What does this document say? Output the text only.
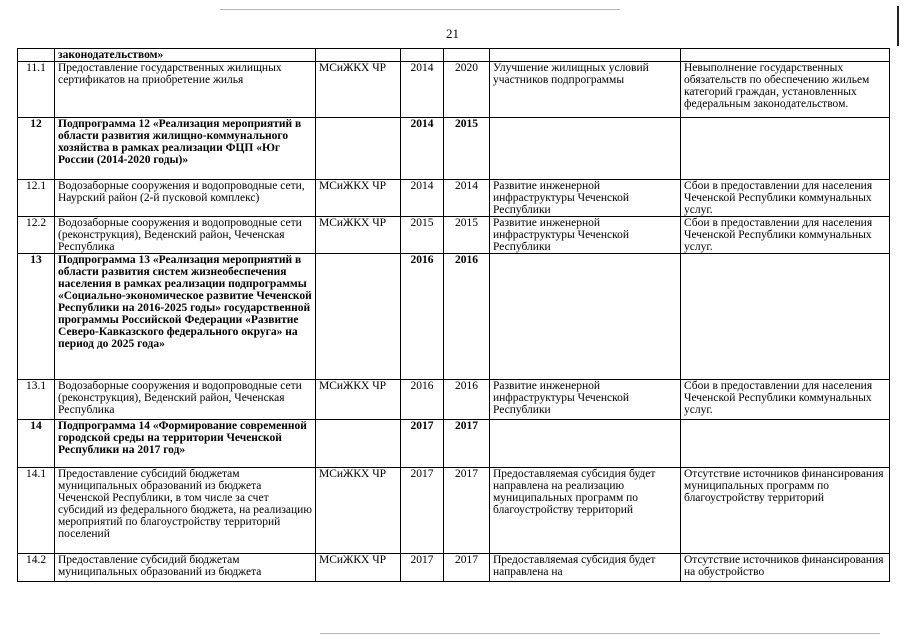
21
	законодательством»					
11.1	Предоставление государственных жилищных сертификатов на приобретение жилья	МСиЖКХ ЧР	2014	2020	Улучшение жилищных условий участников подпрограммы	Невыполнение государственных обязательств по обеспечению жильем категорий граждан, установленных федеральным законодательством.
12	Подпрограмма 12 «Реализация мероприятий в области развития жилищно-коммунального хозяйства в рамках реализации ФЦП «Юг России (2014-2020 годы)»		2014	2015		
12.1	Водозаборные сооружения и водопроводные сети, Наурский район (2-й пусковой комплекс)	МСиЖКХ ЧР	2014	2014	Развитие инженерной инфраструктуры Чеченской Республики	Сбои в предоставлении для населения Чеченской Республики коммунальных услуг.
12.2	Водозаборные сооружения и водопроводные сети (реконструкция), Веденский район, Чеченская Республика	МСиЖКХ ЧР	2015	2015	Развитие инженерной инфраструктуры Чеченской Республики	Сбои в предоставлении для населения Чеченской Республики коммунальных услуг.
13	Подпрограмма 13 «Реализация мероприятий в области развития систем жизнеобеспечения населения в рамках реализации подпрограммы «Социально-экономическое развитие Чеченской Республики на 2016-2025 годы» государственной программы Российской Федерации «Развитие Северо-Кавказского федерального округа» на период до 2025 года»		2016	2016		
13.1	Водозаборные сооружения и водопроводные сети (реконструкция), Веденский район, Чеченская Республика	МСиЖКХ ЧР	2016	2016	Развитие инженерной инфраструктуры Чеченской Республики	Сбои в предоставлении для населения Чеченской Республики коммунальных услуг.
14	Подпрограмма 14 «Формирование современной городской среды на территории Чеченской Республики на 2017 год»		2017	2017		
14.1	Предоставление субсидий бюджетам муниципальных образований из бюджета Чеченской Республики, в том числе за счет субсидий из федерального бюджета, на реализацию мероприятий по благоустройству территорий поселений	МСиЖКХ ЧР	2017	2017	Предоставляемая субсидия будет направлена на реализацию муниципальных программ по благоустройству территорий	Отсутствие источников финансирования муниципальных программ по благоустройству территорий
14.2	Предоставление субсидий бюджетам муниципальных образований из бюджета	МСиЖКХ ЧР	2017	2017	Предоставляемая субсидия будет направлена на	Отсутствие источников финансирования на обустройство
